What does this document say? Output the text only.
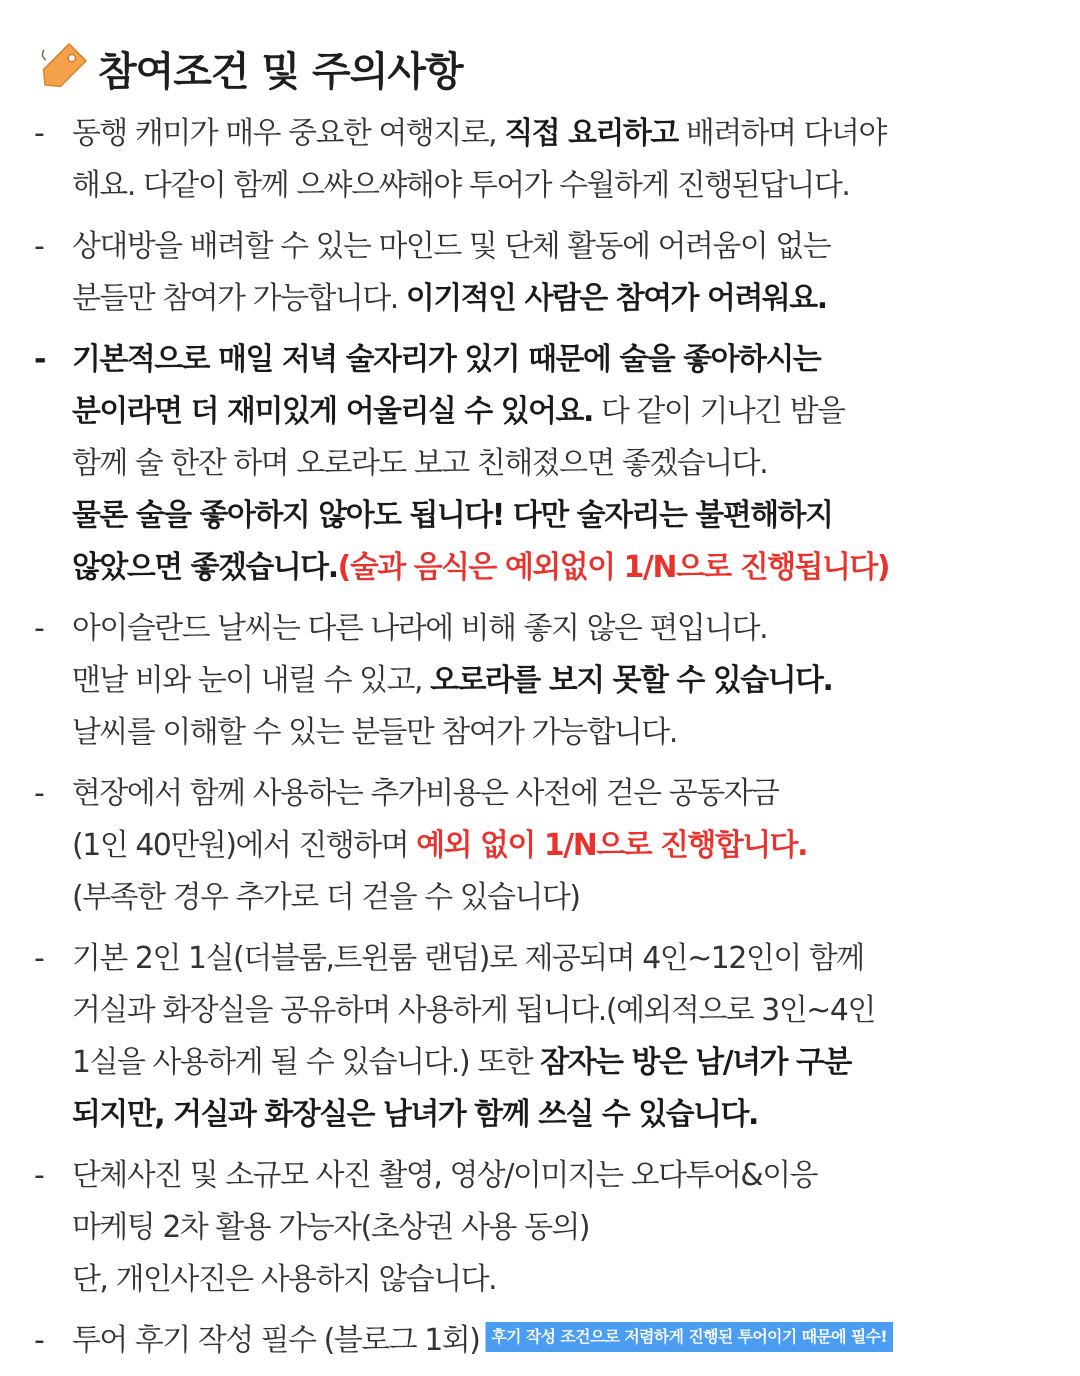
참여조건 및 주의사항
- 동행 캐미가 매우 중요한 여행지로, 직접 요리하고 배려하며 다녀야
해요. 다같이 함께 으쌰으쌰해야 투어가 수월하게 진행된답니다.
- 상대방을 배려할 수 있는 마인드 및 단체 활동에 어려움이 없는
분들만 참여가 가능합니다. 이기적인 사람은 참여가 어려워요.
- 기본적으로 매일 저녁 술자리가 있기 때문에 술을 좋아하시는
분이라면 더 재미있게 어울리실 수 있어요. 다 같이 기나긴 밤을
함께 술 한잔 하며 오로라도 보고 친해졌으면 좋겠습니다.
물론 술을 좋아하지 않아도 됩니다! 다만 술자리는 불편해하지
않았으면 좋겠습니다.(술과 음식은 예외없이 1/N으로 진행됩니다)
- 아이슬란드 날씨는 다른 나라에 비해 좋지 않은 편입니다.
맨날 비와 눈이 내릴 수 있고, 오로라를 보지 못할 수 있습니다.
날씨를 이해할 수 있는 분들만 참여가 가능합니다.
- 현장에서 함께 사용하는 추가비용은 사전에 걷은 공동자금
(1인 40만원)에서 진행하며 예외 없이 1/N으로 진행합니다.
(부족한 경우 추가로 더 걷을 수 있습니다)
- 기본 2인 1실(더블룸,트윈룸 랜덤)로 제공되며 4인~12인이 함께
거실과 화장실을 공유하며 사용하게 됩니다.(예외적으로 3인~4인
1실을 사용하게 될 수 있습니다.) 또한 잠자는 방은 남/녀가 구분
되지만, 거실과 화장실은 남녀가 함께 쓰실 수 있습니다.
- 단체사진 및 소규모 사진 촬영, 영상/이미지는 오다투어&이응
마케팅 2차 활용 가능자(초상권 사용 동의)
단, 개인사진은 사용하지 않습니다.
- 투어 후기 작성 필수 (블로그 1회) 후기 작성 조건으로 저렴하게 진행된 투어이기 때문에 필수!
